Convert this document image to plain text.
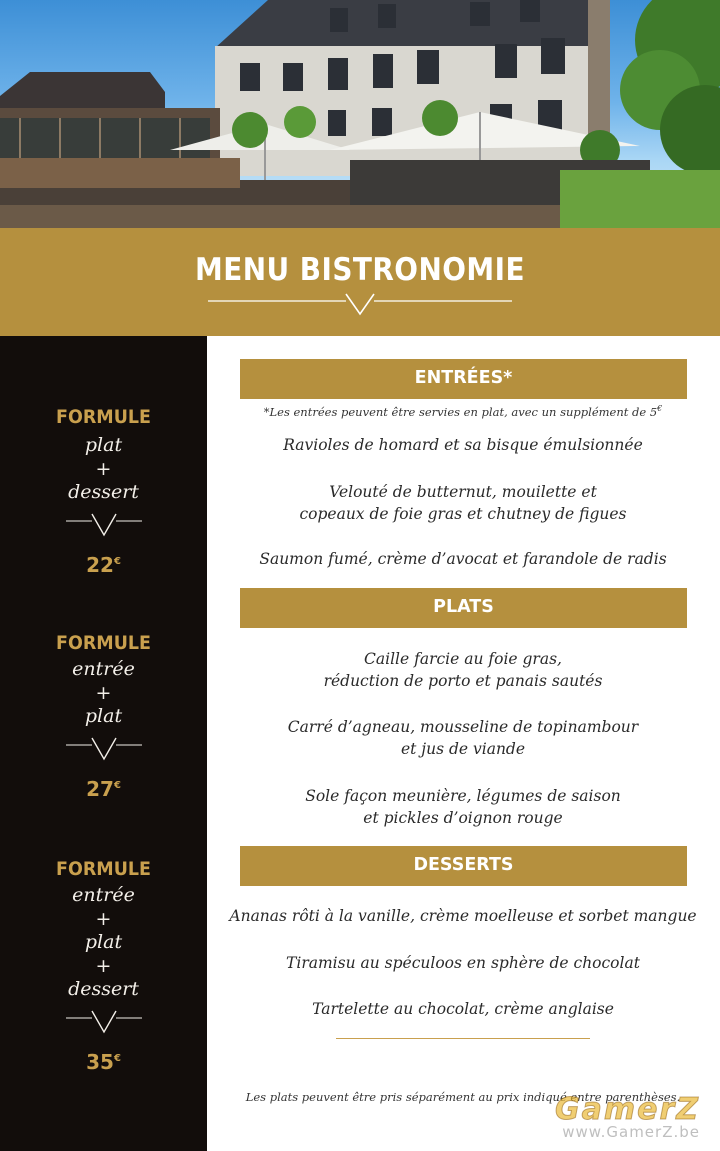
MENU BISTRONOMIE
FORMULE
plat
+
dessert
22€
FORMULE
entrée
+
plat
27€
FORMULE
entrée
+
plat
+
dessert
35€
ENTRÉES*
*Les entrées peuvent être servies en plat, avec un supplément de 5€
Ravioles de homard et sa bisque émulsionnée
Velouté de butternut, mouilette et
copeaux de foie gras et chutney de figues
Saumon fumé, crème d’avocat et farandole de radis
PLATS
Caille farcie au foie gras,
réduction de porto et panais sautés
Carré d’agneau, mousseline de topinambour
et jus de viande
Sole façon meunière, légumes de saison
et pickles d’oignon rouge
DESSERTS
Ananas rôti à la vanille, crème moelleuse et sorbet mangue
Tiramisu au spéculoos en sphère de chocolat
Tartelette au chocolat, crème anglaise
Les plats peuvent être pris séparément au prix indiqué entre parenthèses.
GamerZ
www.GamerZ.be
